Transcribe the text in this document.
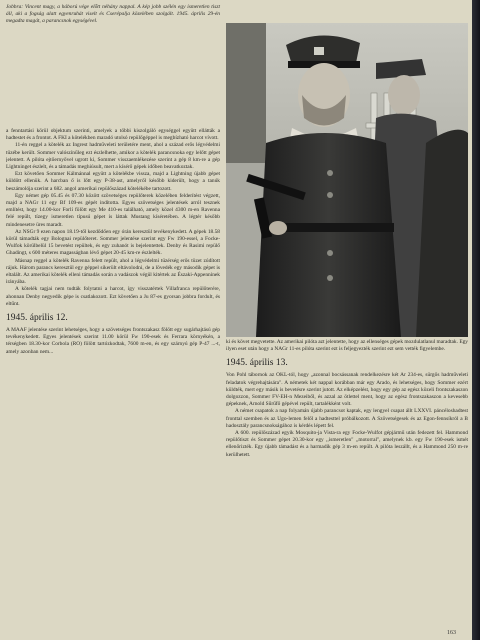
Jobbra: Vincent magy, a háború vége előtt néhány nappal. A kép jobb szélén egy ismeretlen tiszt áll, aki a fogság alatt egyenruhát viselt és Cserépalja közelében szolgált. 1945. április 29-én megadta magát, a parancsnok egységével.

a fenntartási körül objektum szerinti, amelyek a többi kiszolgáló egységgel együtt ellátták a hadtestet és a frontot. A FKI a kötelékben maradó utolsó repülőgéppel is megbízható harcot vívott.

11-én reggel a kötelék az Ingrest hadműveleti területére ment, ahol a század erős légvédelmi tüzébe került. Sommer valószínűleg ezt észlelhette, amikor a kötelék parancsnoka egy lelőtt gépet jelentett. A pilóta ejtőernyővel ugrott ki, Sommer visszaemlékezése szerint a gép 8 km-re a gép Lightninget észlelt, és a támadás meghiúsult, mert a kísérő gépek időben beavatkoztak.

Ezt követően Sommer Kálmánnal együtt a kötelékbe vissza, majd a Lightning újabb gépet küldött ellenük. A harcban ő is lőtt egy P-38-ast, amelyről később kiderült, hogy a tanúk beszámolója szerint a 682. angol amerikai repülőszázad kötelékébe tartozott.

Egy német gép 05.45 és 07.30 között szövetséges repülőterek közelében felderítést végzett, majd a NAGr 11 egy Bf 109-es gépét indította. Egyes szövetséges jelentések arról tesznek említést, hogy 14.00-kor Forlí fölött egy Me 410-es található, amely közel 4300 m-en Ravenna felé repült, tízegy ismeretlen típusú gépet is láttak Mustang kíséretében. A légtér később mindenesetre üres maradt.

Az NSGr 9 ezen napon 18.19-től kezdődően egy órán keresztül tevékenykedett. A gépek 18.58 körül támadták egy Bolognai repülőteret. Sommer jelentése szerint egy Fw 190-essel, a Focke-Wulfok körülbelül 15 bevetést repültek, és egy zuhanót is bejelentettek. Denby és Rasimi repülő Ghadingt, s 600 méteres magasságban lévő gépet 20-45 km-re észlelték.

Másnap reggel a kötelék Ravenna felett repült, ahol a légvédelmi tüzérség erős tüzet zúdított rájuk. Három parancs keresztül egy géppel sikerült eltávolodni, de a lövedék egy második gépet is eltalált. Az amerikai kötelék elleni támadás során a vadászok végül kitértek az Északi-Appenninek irányába.

A kötelék tagjai nem tudták folytatni a harcot, így visszatértek Villafranca repülőterére, ahonnan Denby negyedik gépe is csatlakozott. Ezt követően a Ju 87-es gyorsan jobbra fordult, és eltűnt.

1945. április 12.

A MAAF jelentése szerint lehetséges, hogy a szövetséges frontszakasz fölött egy sugárhajtású gép tevékenykedett. Egyes jelentések szerint 11.00 körül Fw 190-esek és Ferrara környékén, a térségben 18.30-kor Corbola (RO) fölött tartózkodtak, 7600 m-en, és egy szárnyú gép P-47 ...-t, amely azonban nem...

ki és követ megvetette. Az amerikai pilóta azt jelentette, hogy az ellenséges gépek mozdulatlanul maradtak. Egy ilyen eset után hogy a NAGr 11-es pilóta szerint ezt is feljegyezték szerint ezt sem vették figyelembe.

1945. április 13.

Von Pohl tábornok az OKL-tól, hogy „azonnal bocsássanak rendelkezésre két Ar 234-es, sürgős hadműveleti feladatok végrehajtására". A németek két nappal korábban már egy Arado, és lehetséges, hogy Sommer ezért küldték, mert egy másik is bevetésre szerint jutott. Az elképzelést, hogy egy gép az egész közeli frontszakaszon dolgozzon, Sommer FV-EH-n Mezeiből, és azzal az ötlettel ment, hogy az egész frontszakaszon a kevesebb gépeknek, Arnold Sűrűfő gépével repült, tartalékként volt.

A német csapatok a nap folyamán újabb parancsot kaptak, egy lengyel csapat állt LXXVI. páncéloshadtest fronttal szemben és az Ugo-lemen felől a hadtesttel próbálkozott. A Szövetségesek és az Egon-fennsíkról a B hadosztály parancsnokságához is kérdés lépett fel.

A 600. repülőszázad egyik Mosquito-ja Vista-ra egy Focke-Wulfot gépjármű után fedezett fel. Hammond repülőtiszt és Sommer gépet 20.30-kor egy ,,ismeretlen" ,,motorral", amelynek kb. egy Fw 190-esek ismét ellenőrizték. Egy újabb támadást és a harmadik gép 3 m-en repült. A pilóta leszállt, és a Hammond 250 m-re kerülhetett.

163
